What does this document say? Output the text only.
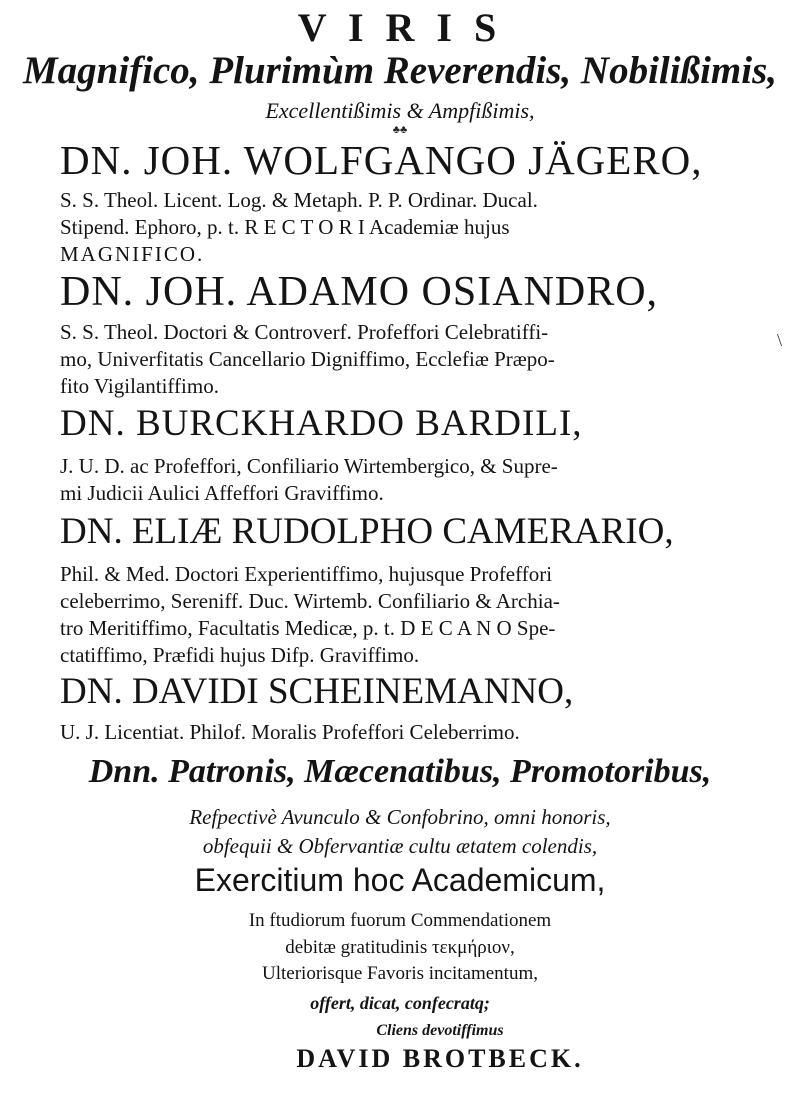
V I R I S
Magnifico, Plurimùm Reverendis, Nobilißimis,
Excellentißimis & Ampfißimis,
♣♣
DN. JOH. WOLFGANGO JÄGERO,
S. S. Theol. Licent. Log. & Metaph. P. P. Ordinar. Ducal.
Stipend. Ephoro, p. t. R E C T O R I Academiæ hujus
MAGNIFICO.
DN. JOH. ADAMO OSIANDRO,
S. S. Theol. Doctori & Controverf. Profeffori Celebratiffi-
mo, Univerfitatis Cancellario Digniffimo, Ecclefiæ Præpo-
fito Vigilantiffimo.
\
DN. BURCKHARDO BARDILI,
J. U. D. ac Profeffori, Confiliario Wirtembergico, & Supre-
mi Judicii Aulici Affeffori Graviffimo.
DN. ELIÆ RUDOLPHO CAMERARIO,
Phil. & Med. Doctori Experientiffimo, hujusque Profeffori
celeberrimo, Sereniff. Duc. Wirtemb. Confiliario & Archia-
tro Meritiffimo, Facultatis Medicæ, p. t. D E C A N O Spe-
ctatiffimo, Præfidi hujus Difp. Graviffimo.
DN. DAVIDI SCHEINEMANNO,
U. J. Licentiat. Philof. Moralis Profeffori Celeberrimo.
Dnn. Patronis, Mæcenatibus, Promotoribus,
Refpectivè Avunculo & Confobrino, omni honoris,
obfequii & Obfervantiæ cultu ætatem colendis,
Exercitium hoc Academicum,
In ftudiorum fuorum Commendationem
debitæ gratitudinis τεκμήριον,
Ulteriorisque Favoris incitamentum,
offert, dicat, confecratq;
Cliens devotiffimus
DAVID BROTBECK.
